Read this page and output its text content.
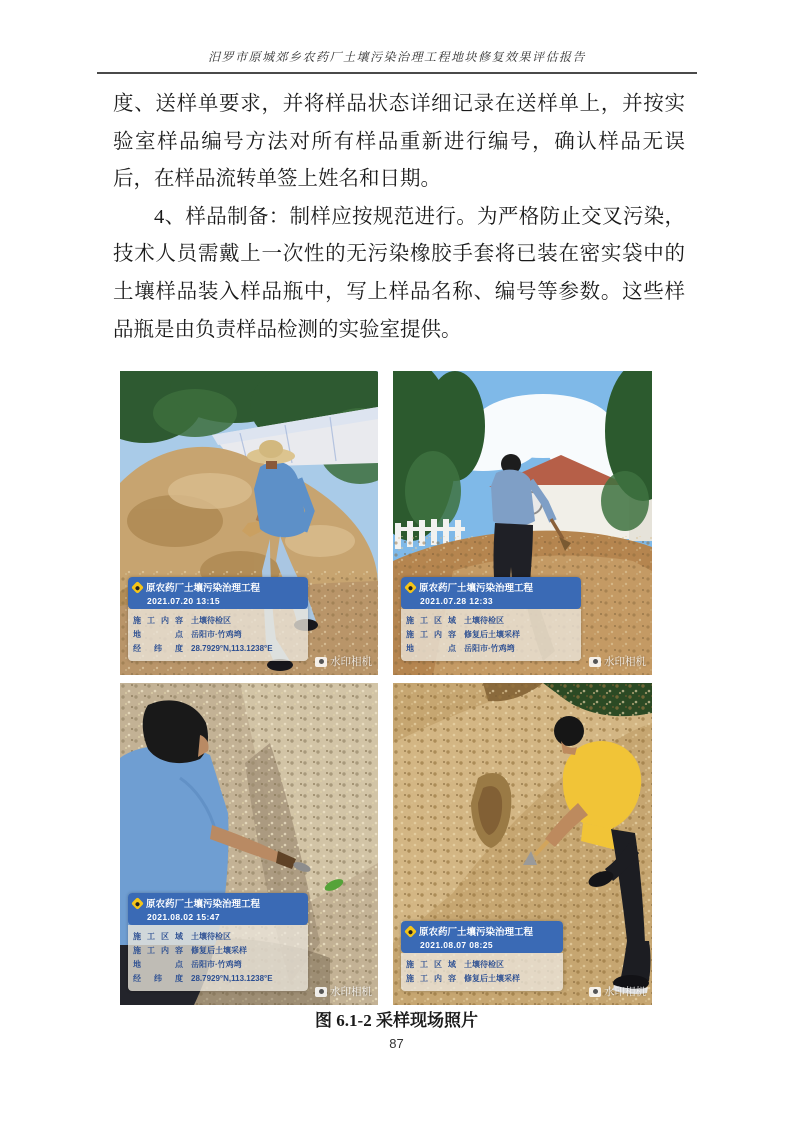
汨罗市原城郊乡农药厂土壤污染治理工程地块修复效果评估报告

度、送样单要求，并将样品状态详细记录在送样单上，并按实验室样品编号方法对所有样品重新进行编号，确认样品无误后，在样品流转单签上姓名和日期。

4、样品制备：制样应按规范进行。为严格防止交叉污染，技术人员需戴上一次性的无污染橡胶手套将已装在密实袋中的土壤样品装入样品瓶中，写上样品名称、编号等参数。这些样品瓶是由负责样品检测的实验室提供。

原农药厂土壤污染治理工程
2021.07.20 13:15
施工内容 土壤待检区
地点 岳阳市·竹鸡塆
经纬度 28.7929°N,113.1238°E
水印相机
原农药厂土壤污染治理工程
2021.07.28 12:33
施工区域 土壤待检区
施工内容 修复后土壤采样
地点 岳阳市·竹鸡塆
水印相机
原农药厂土壤污染治理工程
2021.08.02 15:47
施工区域 土壤待检区
施工内容 修复后土壤采样
地点 岳阳市·竹鸡塆
经纬度 28.7929°N,113.1238°E
水印相机
原农药厂土壤污染治理工程
2021.08.07 08:25
施工区域 土壤待检区
施工内容 修复后土壤采样
水印相机
图 6.1-2 采样现场照片
87
